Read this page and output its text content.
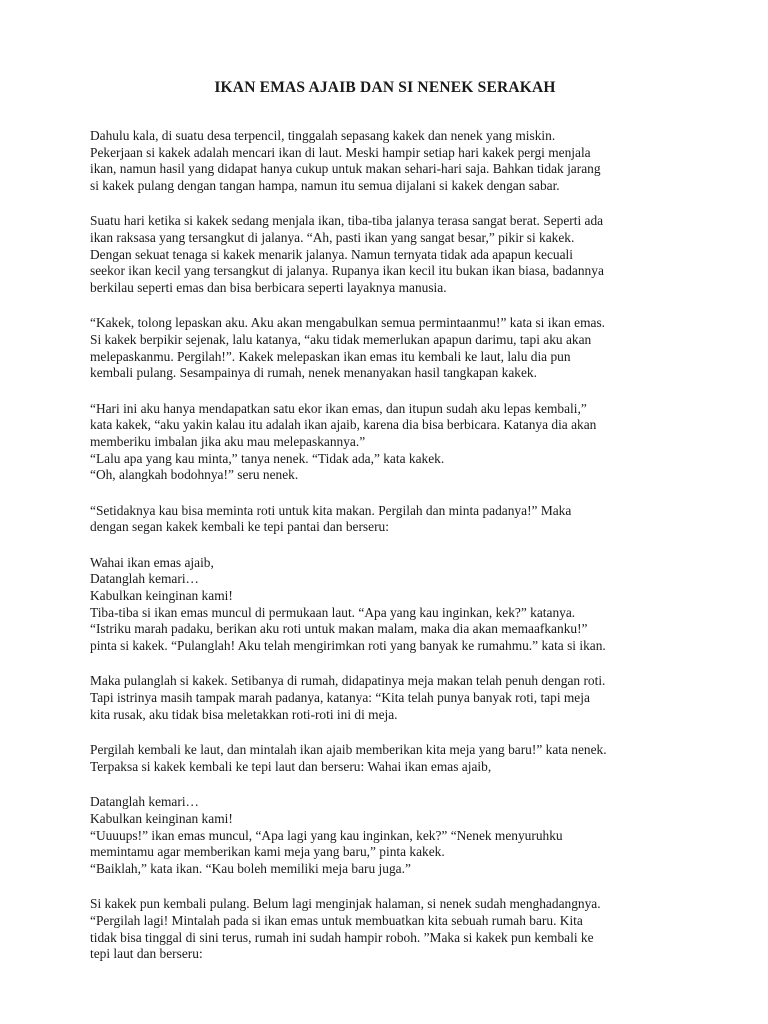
IKAN EMAS AJAIB DAN SI NENEK SERAKAH

Dahulu kala, di suatu desa terpencil, tinggalah sepasang kakek dan nenek yang miskin.
Pekerjaan si kakek adalah mencari ikan di laut. Meski hampir setiap hari kakek pergi menjala
ikan, namun hasil yang didapat hanya cukup untuk makan sehari-hari saja. Bahkan tidak jarang
si kakek pulang dengan tangan hampa, namun itu semua dijalani si kakek dengan sabar.

Suatu hari ketika si kakek sedang menjala ikan, tiba-tiba jalanya terasa sangat berat. Seperti ada
ikan raksasa yang tersangkut di jalanya. “Ah, pasti ikan yang sangat besar,” pikir si kakek.
Dengan sekuat tenaga si kakek menarik jalanya. Namun ternyata tidak ada apapun kecuali
seekor ikan kecil yang tersangkut di jalanya. Rupanya ikan kecil itu bukan ikan biasa, badannya
berkilau seperti emas dan bisa berbicara seperti layaknya manusia.

“Kakek, tolong lepaskan aku. Aku akan mengabulkan semua permintaanmu!” kata si ikan emas.
Si kakek berpikir sejenak, lalu katanya, “aku tidak memerlukan apapun darimu, tapi aku akan
melepaskanmu. Pergilah!”. Kakek melepaskan ikan emas itu kembali ke laut, lalu dia pun
kembali pulang. Sesampainya di rumah, nenek menanyakan hasil tangkapan kakek.

“Hari ini aku hanya mendapatkan satu ekor ikan emas, dan itupun sudah aku lepas kembali,”
kata kakek, “aku yakin kalau itu adalah ikan ajaib, karena dia bisa berbicara. Katanya dia akan
memberiku imbalan jika aku mau melepaskannya.”
“Lalu apa yang kau minta,” tanya nenek. “Tidak ada,” kata kakek.
“Oh, alangkah bodohnya!” seru nenek.

“Setidaknya kau bisa meminta roti untuk kita makan. Pergilah dan minta padanya!” Maka
dengan segan kakek kembali ke tepi pantai dan berseru:

Wahai ikan emas ajaib,
Datanglah kemari…
Kabulkan keinginan kami!
Tiba-tiba si ikan emas muncul di permukaan laut. “Apa yang kau inginkan, kek?” katanya.
“Istriku marah padaku, berikan aku roti untuk makan malam, maka dia akan memaafkanku!”
pinta si kakek. “Pulanglah! Aku telah mengirimkan roti yang banyak ke rumahmu.” kata si ikan.

Maka pulanglah si kakek. Setibanya di rumah, didapatinya meja makan telah penuh dengan roti.
Tapi istrinya masih tampak marah padanya, katanya: “Kita telah punya banyak roti, tapi meja
kita rusak, aku tidak bisa meletakkan roti-roti ini di meja.

Pergilah kembali ke laut, dan mintalah ikan ajaib memberikan kita meja yang baru!” kata nenek.
Terpaksa si kakek kembali ke tepi laut dan berseru: Wahai ikan emas ajaib,

Datanglah kemari…
Kabulkan keinginan kami!
“Uuuups!” ikan emas muncul, “Apa lagi yang kau inginkan, kek?” “Nenek menyuruhku
memintamu agar memberikan kami meja yang baru,” pinta kakek.
“Baiklah,” kata ikan. “Kau boleh memiliki meja baru juga.”

Si kakek pun kembali pulang. Belum lagi menginjak halaman, si nenek sudah menghadangnya.
“Pergilah lagi! Mintalah pada si ikan emas untuk membuatkan kita sebuah rumah baru. Kita
tidak bisa tinggal di sini terus, rumah ini sudah hampir roboh. ”Maka si kakek pun kembali ke
tepi laut dan berseru:
